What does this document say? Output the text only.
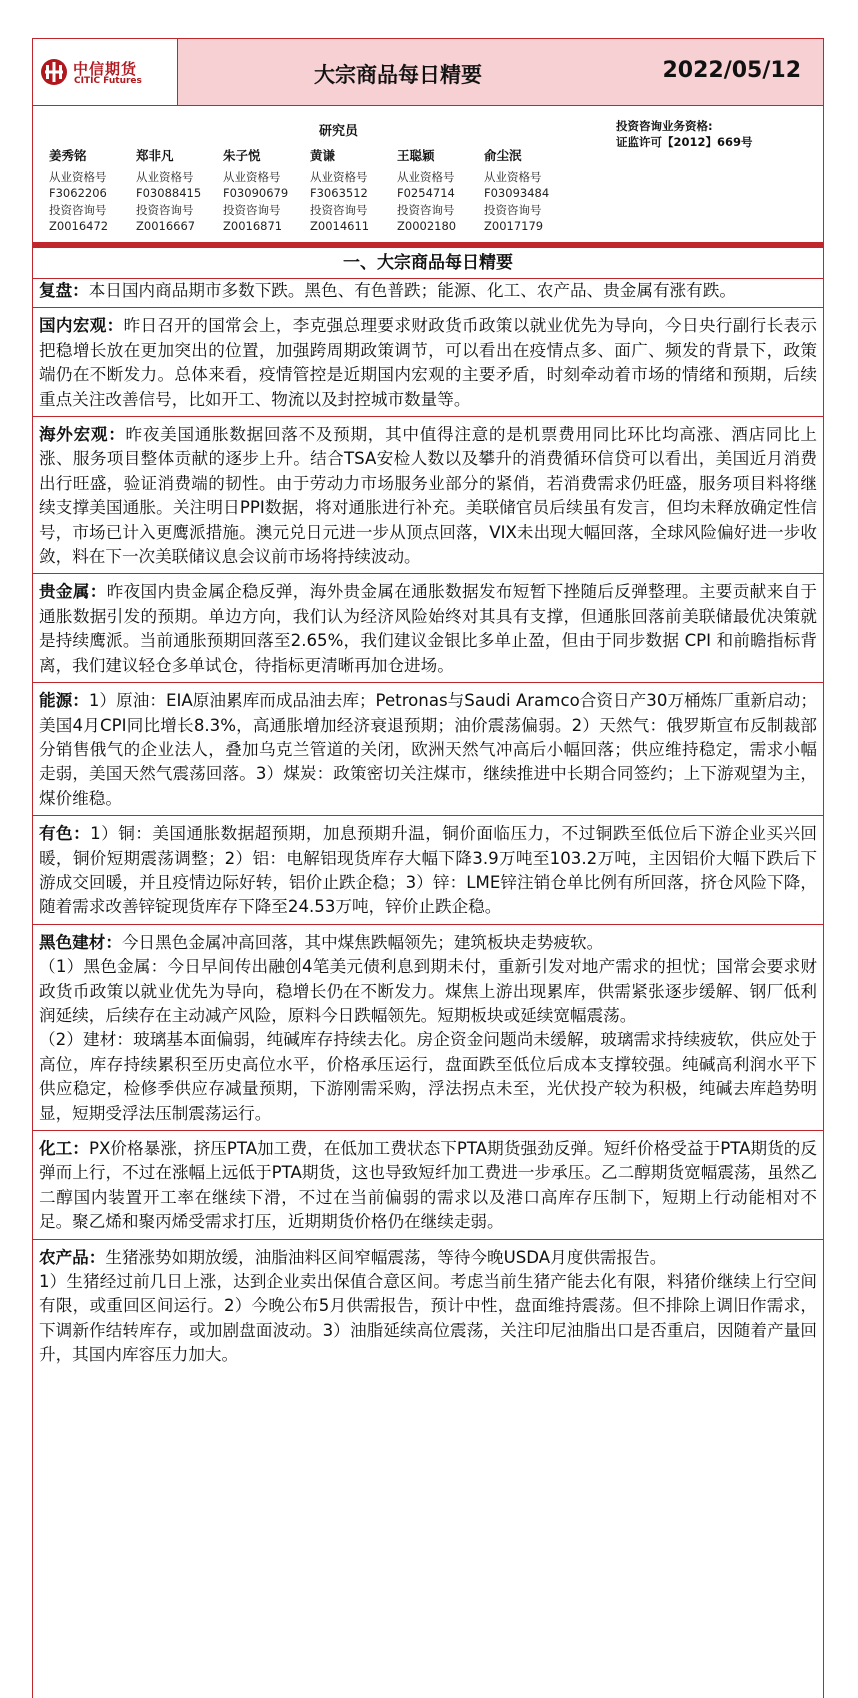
中信期货
CITIC Futures	大宗商品每日精要	2022/05/12
研究员	投资咨询业务资格:
证监许可【2012】669号
姜秀铭
从业资格号
F3062206
投资咨询号
Z0016472
郑非凡
从业资格号
F03088415
投资咨询号
Z0016667
朱子悦
从业资格号
F03090679
投资咨询号
Z0016871
黄谦
从业资格号
F3063512
投资咨询号
Z0014611
王聪颖
从业资格号
F0254714
投资咨询号
Z0002180
俞尘泯
从业资格号
F03093484
投资咨询号
Z0017179
一、大宗商品每日精要

复盘：本日国内商品期市多数下跌。黑色、有色普跌；能源、化工、农产品、贵金属有涨有跌。

国内宏观：昨日召开的国常会上，李克强总理要求财政货币政策以就业优先为导向，今日央行副行长表示把稳增长放在更加突出的位置，加强跨周期政策调节，可以看出在疫情点多、面广、频发的背景下，政策端仍在不断发力。总体来看，疫情管控是近期国内宏观的主要矛盾，时刻牵动着市场的情绪和预期，后续重点关注改善信号，比如开工、物流以及封控城市数量等。

海外宏观：昨夜美国通胀数据回落不及预期，其中值得注意的是机票费用同比环比均高涨、酒店同比上涨、服务项目整体贡献的逐步上升。结合TSA安检人数以及攀升的消费循环信贷可以看出，美国近月消费出行旺盛，验证消费端的韧性。由于劳动力市场服务业部分的紧俏，若消费需求仍旺盛，服务项目料将继续支撑美国通胀。关注明日PPI数据，将对通胀进行补充。美联储官员后续虽有发言，但均未释放确定性信号，市场已计入更鹰派措施。澳元兑日元进一步从顶点回落，VIX未出现大幅回落，全球风险偏好进一步收敛，料在下一次美联储议息会议前市场将持续波动。

贵金属：昨夜国内贵金属企稳反弹，海外贵金属在通胀数据发布短暂下挫随后反弹整理。主要贡献来自于通胀数据引发的预期。单边方向，我们认为经济风险始终对其具有支撑，但通胀回落前美联储最优决策就是持续鹰派。当前通胀预期回落至2.65%，我们建议金银比多单止盈，但由于同步数据 CPI 和前瞻指标背离，我们建议轻仓多单试仓，待指标更清晰再加仓进场。

能源：1）原油：EIA原油累库而成品油去库；Petronas与Saudi Aramco合资日产30万桶炼厂重新启动；美国4月CPI同比增长8.3%，高通胀增加经济衰退预期；油价震荡偏弱。2）天然气：俄罗斯宣布反制裁部分销售俄气的企业法人，叠加乌克兰管道的关闭，欧洲天然气冲高后小幅回落；供应维持稳定，需求小幅走弱，美国天然气震荡回落。3）煤炭：政策密切关注煤市，继续推进中长期合同签约；上下游观望为主，煤价维稳。

有色：1）铜：美国通胀数据超预期，加息预期升温，铜价面临压力，不过铜跌至低位后下游企业买兴回暖，铜价短期震荡调整；2）铝：电解铝现货库存大幅下降3.9万吨至103.2万吨，主因铝价大幅下跌后下游成交回暖，并且疫情边际好转，铝价止跌企稳；3）锌：LME锌注销仓单比例有所回落，挤仓风险下降，随着需求改善锌锭现货库存下降至24.53万吨，锌价止跌企稳。

黑色建材：今日黑色金属冲高回落，其中煤焦跌幅领先；建筑板块走势疲软。
（1）黑色金属：今日早间传出融创4笔美元债利息到期未付，重新引发对地产需求的担忧；国常会要求财政货币政策以就业优先为导向，稳增长仍在不断发力。煤焦上游出现累库，供需紧张逐步缓解、钢厂低利润延续，后续存在主动减产风险，原料今日跌幅领先。短期板块或延续宽幅震荡。
（2）建材：玻璃基本面偏弱，纯碱库存持续去化。房企资金问题尚未缓解，玻璃需求持续疲软，供应处于高位，库存持续累积至历史高位水平，价格承压运行，盘面跌至低位后成本支撑较强。纯碱高利润水平下供应稳定，检修季供应存减量预期，下游刚需采购，浮法拐点未至，光伏投产较为积极，纯碱去库趋势明显，短期受浮法压制震荡运行。

化工：PX价格暴涨，挤压PTA加工费，在低加工费状态下PTA期货强劲反弹。短纤价格受益于PTA期货的反弹而上行，不过在涨幅上远低于PTA期货，这也导致短纤加工费进一步承压。乙二醇期货宽幅震荡，虽然乙二醇国内装置开工率在继续下滑，不过在当前偏弱的需求以及港口高库存压制下，短期上行动能相对不足。聚乙烯和聚丙烯受需求打压，近期期货价格仍在继续走弱。

农产品：生猪涨势如期放缓，油脂油料区间窄幅震荡，等待今晚USDA月度供需报告。
1）生猪经过前几日上涨，达到企业卖出保值合意区间。考虑当前生猪产能去化有限，料猪价继续上行空间有限，或重回区间运行。2）今晚公布5月供需报告，预计中性，盘面维持震荡。但不排除上调旧作需求，下调新作结转库存，或加剧盘面波动。3）油脂延续高位震荡，关注印尼油脂出口是否重启，因随着产量回升，其国内库容压力加大。
